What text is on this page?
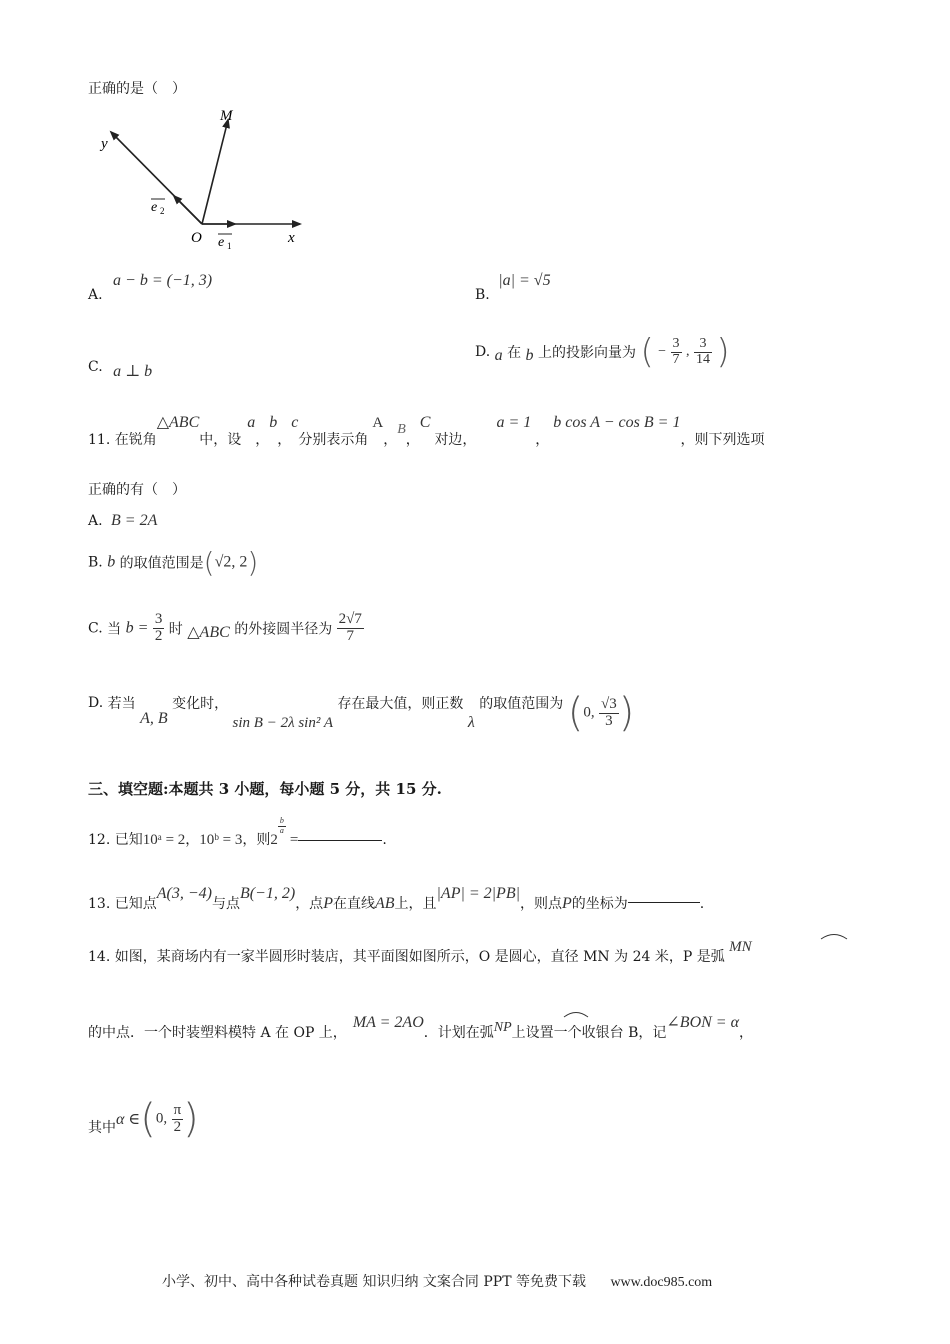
正确的是（　）
y
M
e 2
O e 1	x
A. a − b = (−1, 3)
B. |a| = √5
C. a ⊥ b
D. a 在 b 上的投影向量为 ( − $\frac{3}{7}$ , $\frac{3}{14}$ )
11. 在锐角△ABC中，设a，b，c分别表示角A，B，C对边，a = 1，b cos A − cos B = 1，则下列选项
正确的有（　）
A. B = 2A
B. b 的取值范围是(√2, 2)
C. 当 $b = \frac{3}{2}$ 时 △ABC 的外接圆半径为 $\frac{2√7}{7}$
D. 若当 A, B 变化时， sin B − 2λ sin² A 存在最大值，则正数 λ 的取值范围为 (0, $\frac{√3}{3}$ )
三、填空题:本题共 3 小题，每小题 5 分，共 15 分.
12. 已知10ᵃ = 2，10ᵇ = 3，则2
$\frac{b}{a}$
=	.
13. 已知点A(3, −4)与点B(−1, 2)，点P在直线AB上，且|AP| = 2|PB|，则点P的坐标为	.
14. 如图，某商场内有一家半圆形时装店，其平面图如图所示，O 是圆心，直径 MN 为 24 米，P 是弧 MN
的中点．一个时装塑料模特 A 在 OP 上，MA = 2AO．计划在弧NP上设置一个收银台 B，记∠BON = α，
其中α ∈(0, $\frac{\pi}{2}$ )
小学、初中、高中各种试卷真题 知识归纳 文案合同 PPT 等免费下载 www.doc985.com
